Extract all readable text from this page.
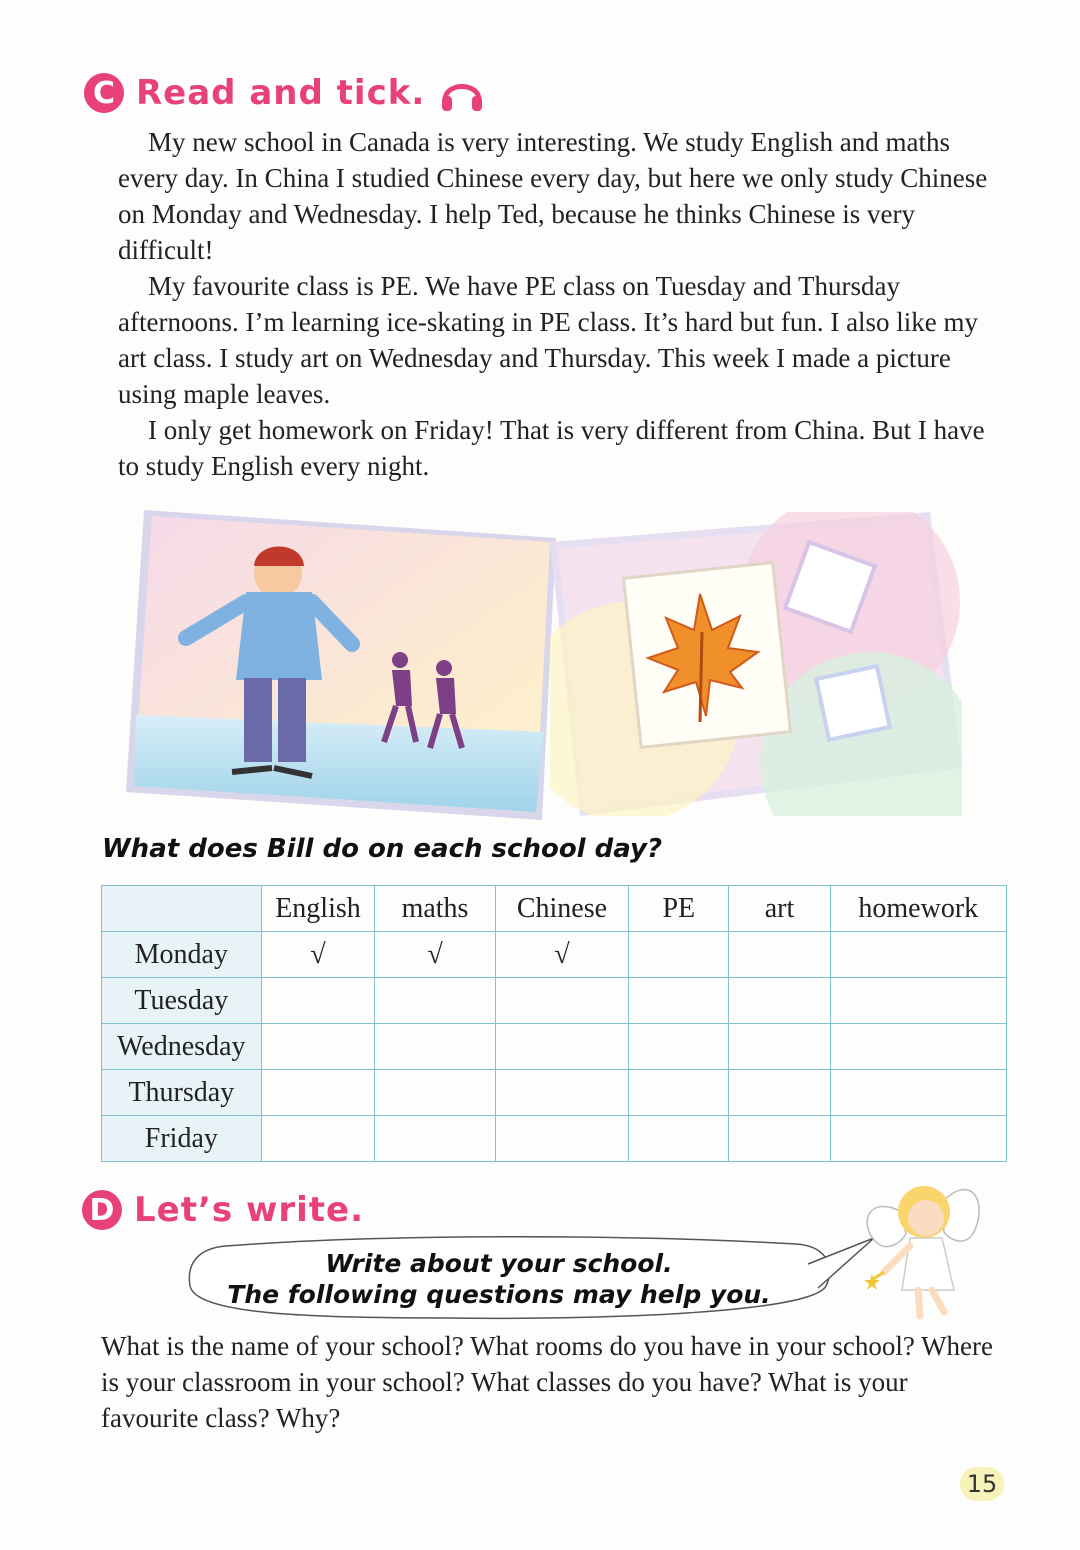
C Read and tick.

My new school in Canada is very interesting. We study English and maths every day. In China I studied Chinese every day, but here we only study Chinese on Monday and Wednesday. I help Ted, because he thinks Chinese is very difficult!

My favourite class is PE. We have PE class on Tuesday and Thursday afternoons. I’m learning ice-skating in PE class. It’s hard but fun. I also like my art class. I study art on Wednesday and Thursday. This week I made a picture using maple leaves.

I only get homework on Friday! That is very different from China. But I have to study English every night.

What does Bill do on each school day?
	English	maths	Chinese	PE	art	homework
Monday	√	√	√			
Tuesday						
Wednesday						
Thursday						
Friday						
D Let’s write.
Write about your school.
The following questions may help you.
What is the name of your school? What rooms do you have in your school? Where is your classroom in your school? What classes do you have? What is your favourite class? Why?
15
